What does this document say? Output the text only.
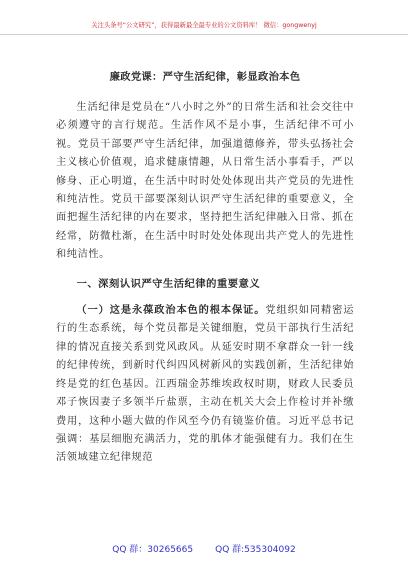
关注头条号“公文研究”，获得最新最全最专业的公文资料库！ 微信：gongwenyj
廉政党课：严守生活纪律，彰显政治本色

生活纪律是党员在“八小时之外”的日常生活和社会交往中必须遵守的言行规范。生活作风不是小事，生活纪律不可小视。党员干部要严守生活纪律，加强道德修养，带头弘扬社会主义核心价值观，追求健康情趣，从日常生活小事看手，严以修身、正心明道，在生活中时时处处体现出共产党员的先进性和纯洁性。党员干部要深刻认识严守生活纪律的重要意义，全面把握生活纪律的内在要求，坚持把生活纪律融入日常、抓在经常，防微杜渐，在生活中时时处处体现出共产党人的先进性和纯洁性。

一、深刻认识严守生活纪律的重要意义

（一）这是永葆政治本色的根本保证。党组织如同精密运行的生态系统，每个党员都是关键细胞，党员干部执行生活纪律的情况直接关系到党风政风。从延安时期不拿群众一针一线的纪律传统，到新时代纠四风树新风的实践创新，生活纪律始终是党的红色基因。江西瑞金苏维埃政权时期，财政人民委员邓子恢因妻子多领半斤盐票，主动在机关大会上作检讨并补缴费用，这种小题大做的作风至今仍有镜鉴价值。习近平总书记强调：基层细胞充满活力，党的肌体才能强健有力。我们在生活领域建立纪律规范

QQ 群：30265665 QQ 群:535304092
